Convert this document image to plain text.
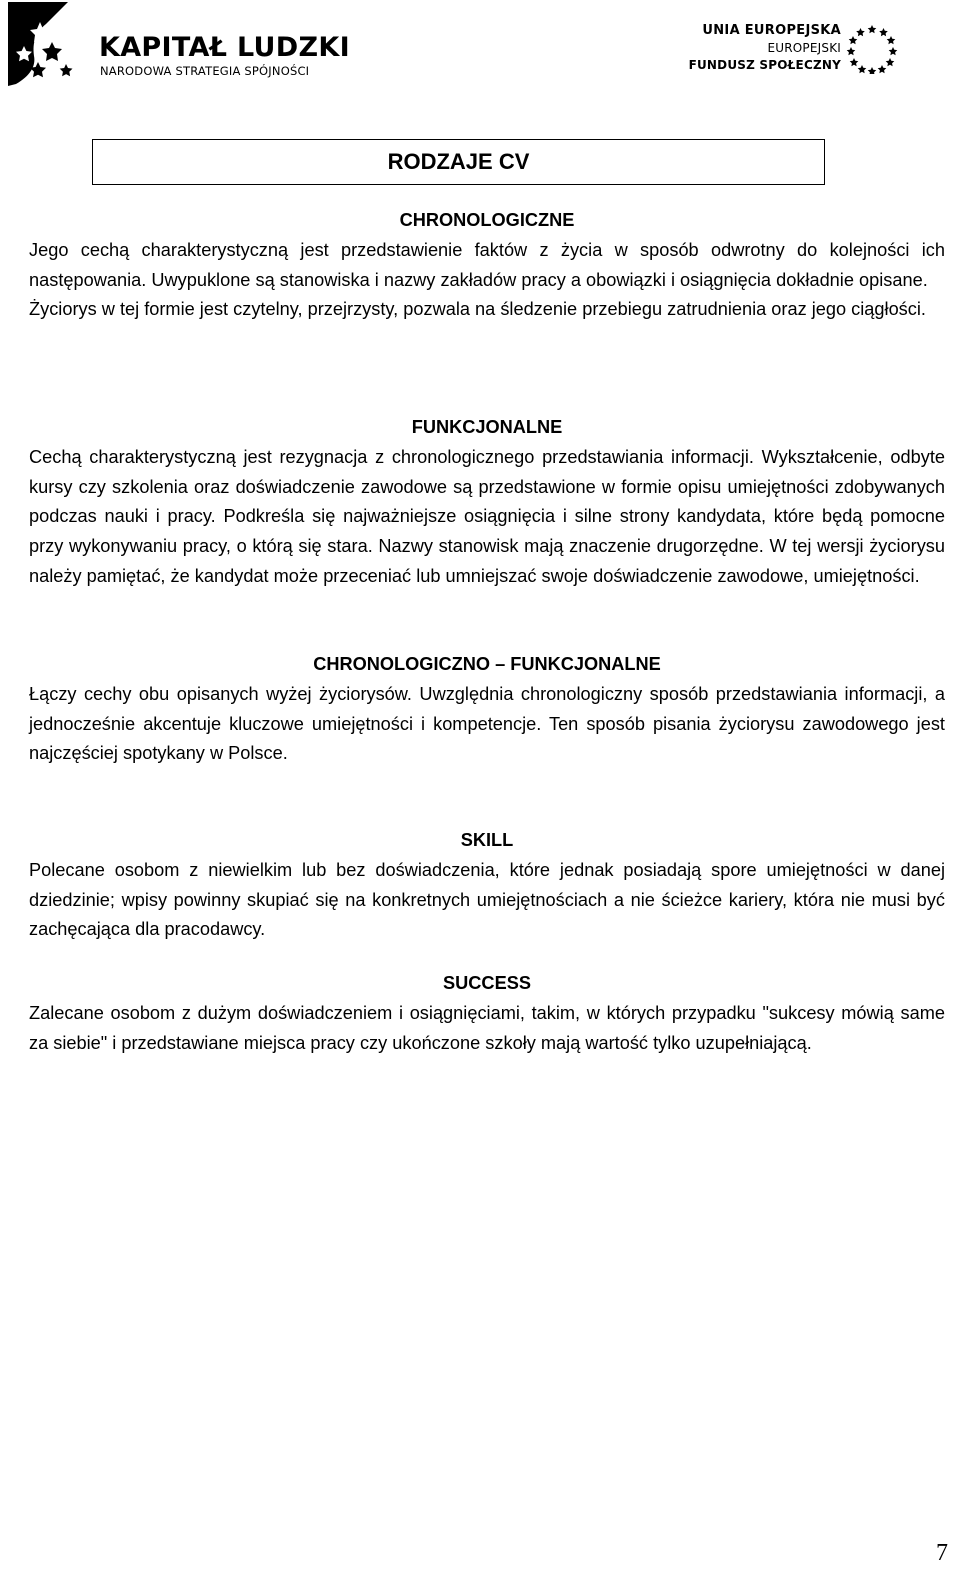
KAPITAŁ LUDZKI
NARODOWA STRATEGIA SPÓJNOŚCI
UNIA EUROPEJSKA
EUROPEJSKI
FUNDUSZ SPOŁECZNY
RODZAJE CV
CHRONOLOGICZNE
Jego cechą charakterystyczną jest przedstawienie faktów z życia w sposób odwrotny do kolejności ich następowania. Uwypuklone są stanowiska i nazwy zakładów pracy a obowiązki i osiągnięcia dokładnie opisane.
Życiorys w tej formie jest czytelny, przejrzysty, pozwala na śledzenie przebiegu zatrudnienia oraz jego ciągłości.
FUNKCJONALNE
Cechą charakterystyczną jest rezygnacja z chronologicznego przedstawiania informacji. Wykształcenie, odbyte kursy czy szkolenia oraz doświadczenie zawodowe są przedstawione w formie opisu umiejętności zdobywanych podczas nauki i pracy. Podkreśla się najważniejsze osiągnięcia i silne strony kandydata, które będą pomocne przy wykonywaniu pracy, o którą się stara. Nazwy stanowisk mają znaczenie drugorzędne. W tej wersji życiorysu należy pamiętać, że kandydat może przeceniać lub umniejszać swoje doświadczenie zawodowe, umiejętności.
CHRONOLOGICZNO – FUNKCJONALNE
Łączy cechy obu opisanych wyżej życiorysów. Uwzględnia chronologiczny sposób przedstawiania informacji, a jednocześnie akcentuje kluczowe umiejętności i kompetencje. Ten sposób pisania życiorysu zawodowego jest najczęściej spotykany w Polsce.
SKILL
Polecane osobom z niewielkim lub bez doświadczenia, które jednak posiadają spore umiejętności w danej dziedzinie; wpisy powinny skupiać się na konkretnych umiejętnościach a nie ścieżce kariery, która nie musi być zachęcająca dla pracodawcy.
SUCCESS
Zalecane osobom z dużym doświadczeniem i osiągnięciami, takim, w których przypadku "sukcesy mówią same za siebie" i przedstawiane miejsca pracy czy ukończone szkoły mają wartość tylko uzupełniającą.
7
